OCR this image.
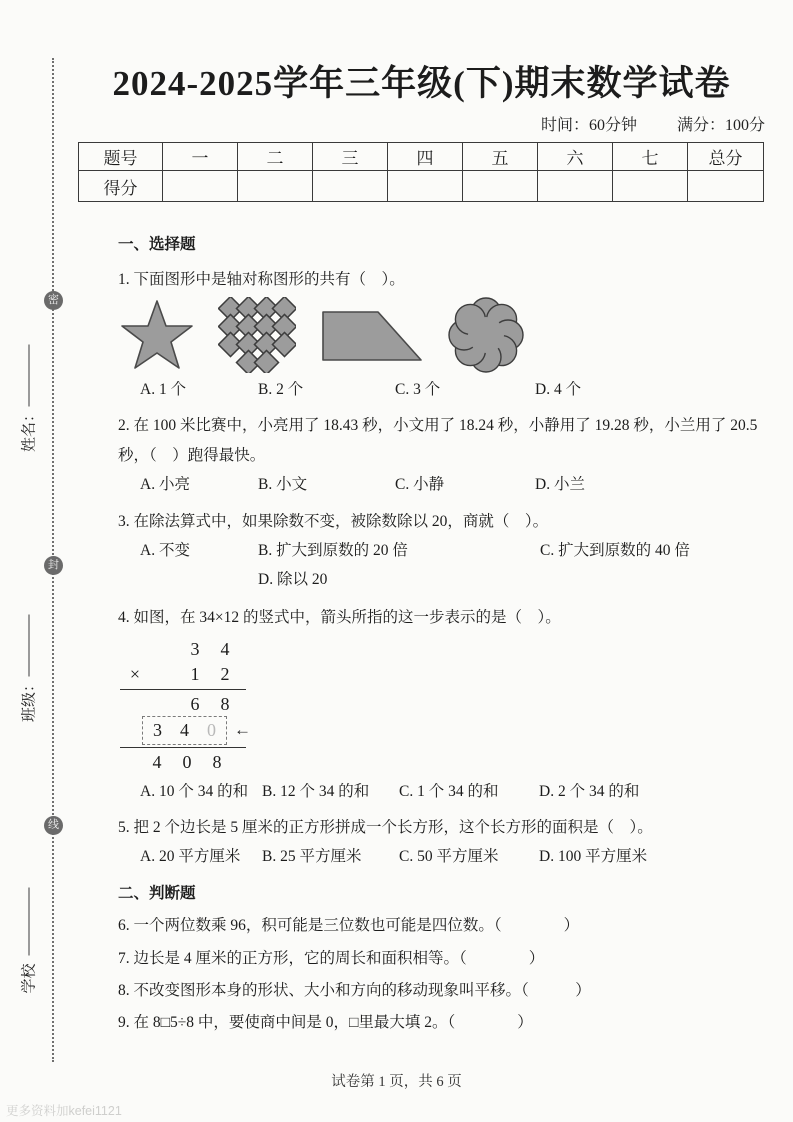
密
封
线
姓名：
班级：
学校
2024-2025学年三年级(下)期末数学试卷
时间：60分钟	满分：100分
题号	一	二	三	四	五	六	七	总分
得分								
一、选择题

1. 下面图形中是轴对称图形的共有（　）。

A. 1 个	B. 2 个	C. 3 个	D. 4 个

2. 在 100 米比赛中，小亮用了 18.43 秒，小文用了 18.24 秒，小静用了 19.28 秒，小兰用了 20.5 秒，（　）跑得最快。

A. 小亮	B. 小文	C. 小静	D. 小兰

3. 在除法算式中，如果除数不变，被除数除以 20，商就（　）。

A. 不变	B. 扩大到原数的 20 倍	C. 扩大到原数的 40 倍
D. 除以 20

4. 如图，在 34×12 的竖式中，箭头所指的这一步表示的是（　）。

3	4
×	1	2
6	8
3	4	0	←
4	0	8
A. 10 个 34 的和 B. 12 个 34 的和	C. 1 个 34 的和	D. 2 个 34 的和

5. 把 2 个边长是 5 厘米的正方形拼成一个长方形，这个长方形的面积是（　）。

A. 20 平方厘米	B. 25 平方厘米	C. 50 平方厘米	D. 100 平方厘米
二、判断题

6. 一个两位数乘 96，积可能是三位数也可能是四位数。（　　　　）

7. 边长是 4 厘米的正方形，它的周长和面积相等。（　　　　）

8. 不改变图形本身的形状、大小和方向的移动现象叫平移。（　　　）

9. 在 8□5÷8 中，要使商中间是 0，□里最大填 2。（　　　　）

试卷第 1 页，共 6 页
更多资料加kefei1121
